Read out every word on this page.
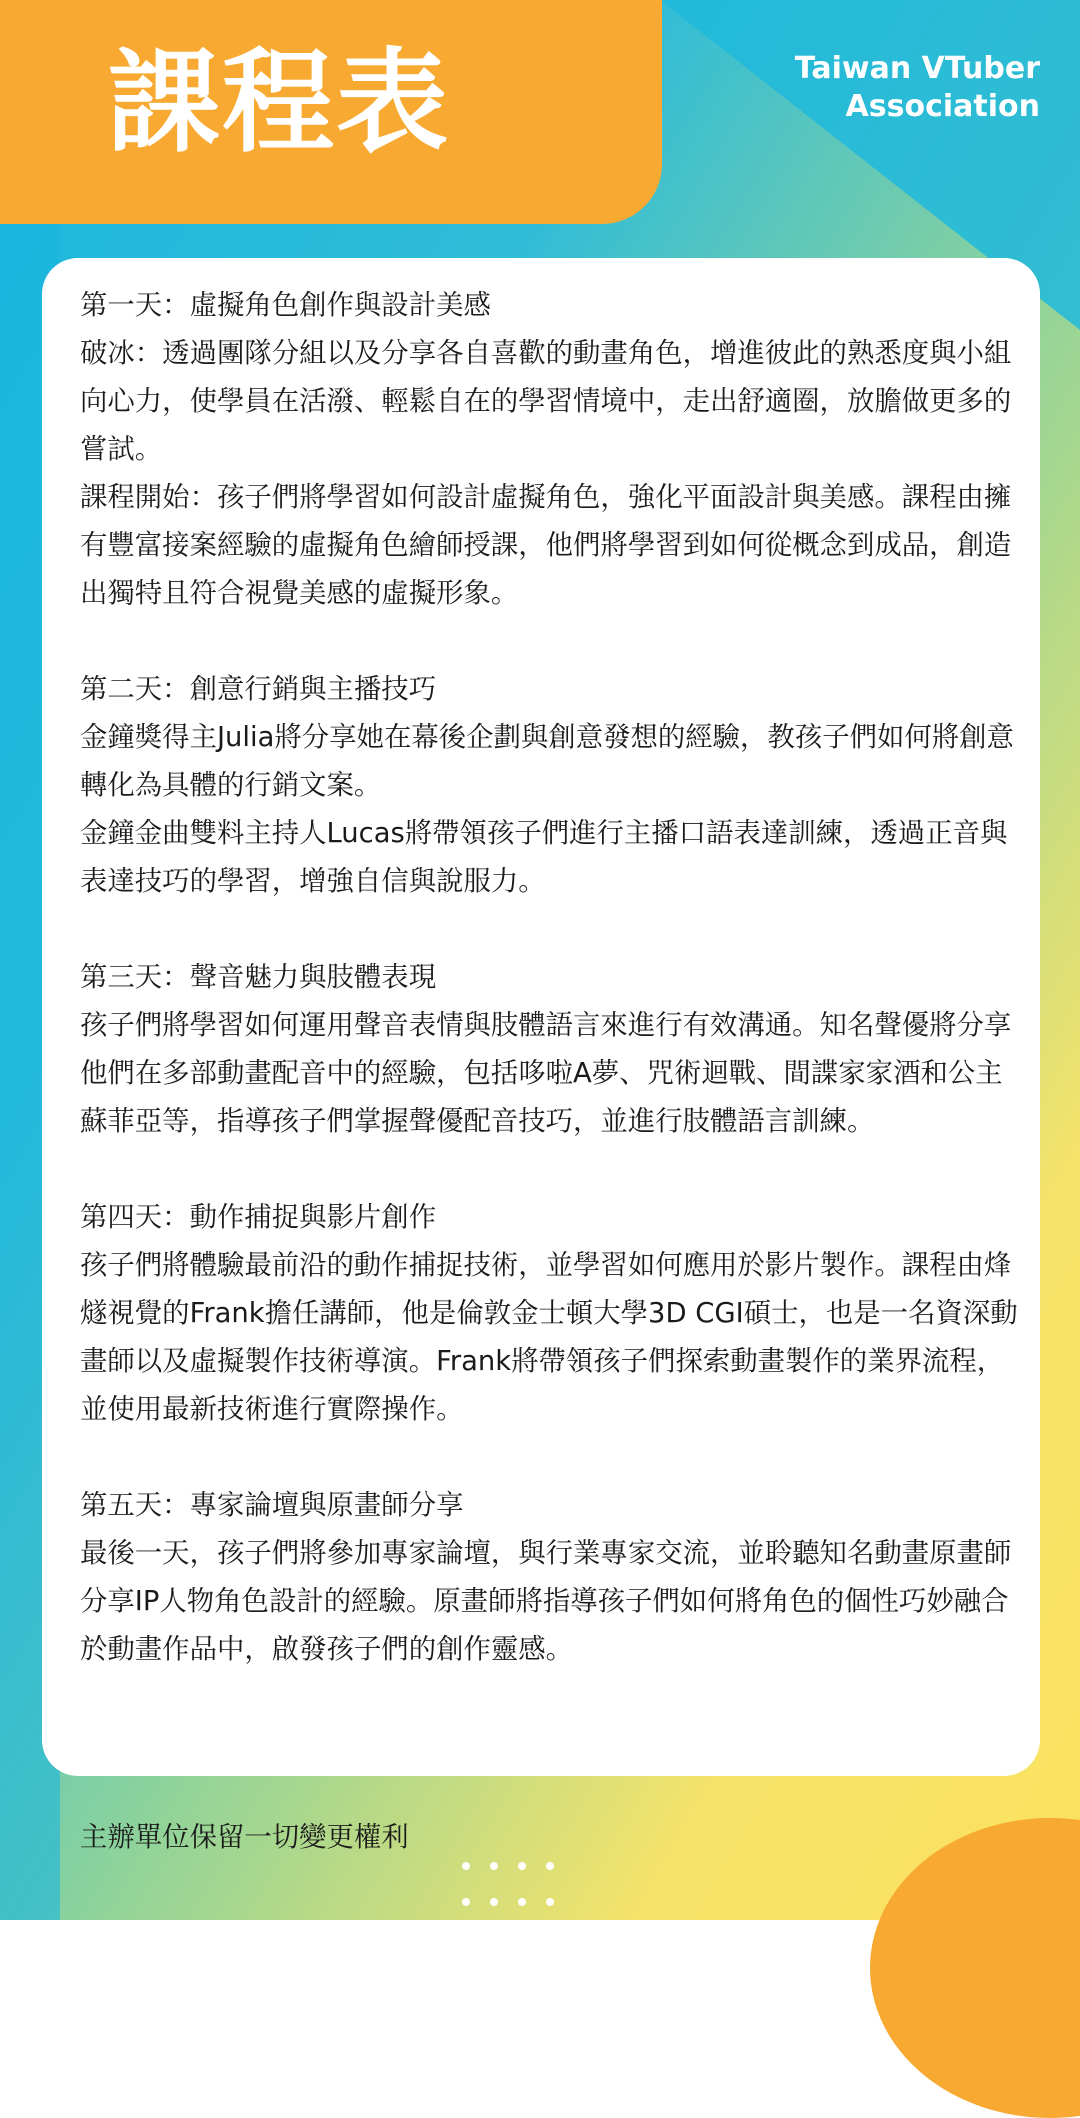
課程表	Taiwan VTuber
Association

第一天：虛擬角色創作與設計美感

破冰：透過團隊分組以及分享各自喜歡的動畫角色，增進彼此的熟悉度與小組向心力，使學員在活潑、輕鬆自在的學習情境中，走出舒適圈，放膽做更多的嘗試。

課程開始：孩子們將學習如何設計虛擬角色，強化平面設計與美感。課程由擁有豐富接案經驗的虛擬角色繪師授課，他們將學習到如何從概念到成品，創造出獨特且符合視覺美感的虛擬形象。

第二天：創意行銷與主播技巧

金鐘獎得主Julia將分享她在幕後企劃與創意發想的經驗，教孩子們如何將創意轉化為具體的行銷文案。

金鐘金曲雙料主持人Lucas將帶領孩子們進行主播口語表達訓練，透過正音與表達技巧的學習，增強自信與說服力。

第三天：聲音魅力與肢體表現

孩子們將學習如何運用聲音表情與肢體語言來進行有效溝通。知名聲優將分享他們在多部動畫配音中的經驗，包括哆啦A夢、咒術迴戰、間諜家家酒和公主蘇菲亞等，指導孩子們掌握聲優配音技巧，並進行肢體語言訓練。

第四天：動作捕捉與影片創作

孩子們將體驗最前沿的動作捕捉技術，並學習如何應用於影片製作。課程由烽燧視覺的Frank擔任講師，他是倫敦金士頓大學3D CGI碩士，也是一名資深動畫師以及虛擬製作技術導演。Frank將帶領孩子們探索動畫製作的業界流程，並使用最新技術進行實際操作。

第五天：專家論壇與原畫師分享

最後一天，孩子們將參加專家論壇，與行業專家交流，並聆聽知名動畫原畫師分享IP人物角色設計的經驗。原畫師將指導孩子們如何將角色的個性巧妙融合於動畫作品中，啟發孩子們的創作靈感。

主辦單位保留一切變更權利
